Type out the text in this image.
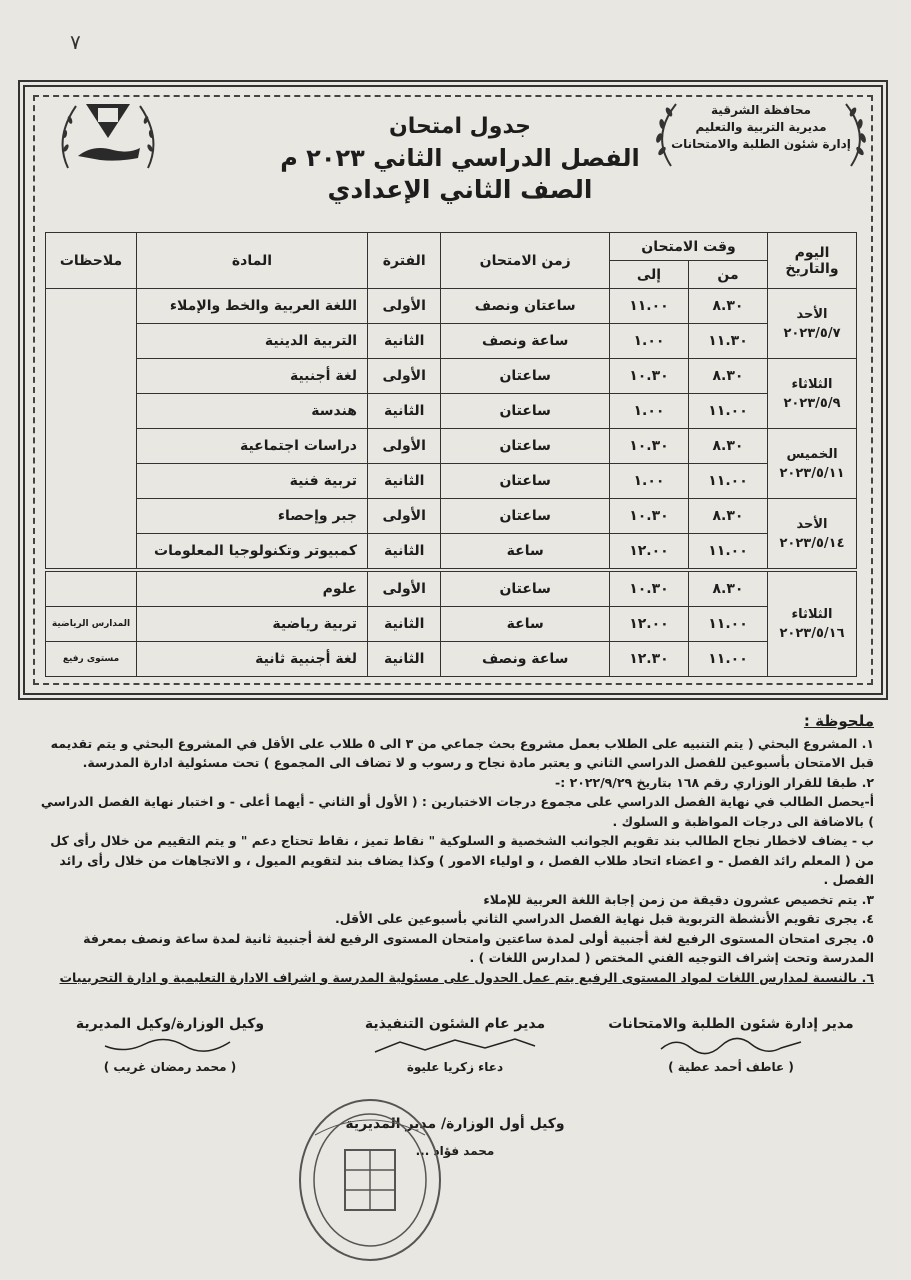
٧
محافظة الشرقية
مديرية التربية والتعليم
إدارة شئون الطلبة والامتحانات
جدول امتحان
الفصل الدراسي الثاني ٢٠٢٣ م
الصف الثاني الإعدادي
اليوم والتاريخ	وقت الامتحان		زمن الامتحان	الفترة	المادة	ملاحظات
	من	إلى				

الأحد
٢٠٢٣/٥/٧	٨.٣٠	١١.٠٠	ساعتان ونصف	الأولى	اللغة العربية والخط والإملاء	
	١١.٣٠	١.٠٠	ساعة ونصف	الثانية	التربية الدينية	

الثلاثاء
٢٠٢٣/٥/٩	٨.٣٠	١٠.٣٠	ساعتان	الأولى	لغة أجنبية	
	١١.٠٠	١.٠٠	ساعتان	الثانية	هندسة	

الخميس
٢٠٢٣/٥/١١	٨.٣٠	١٠.٣٠	ساعتان	الأولى	دراسات اجتماعية	
	١١.٠٠	١.٠٠	ساعتان	الثانية	تربية فنية	

الأحد
٢٠٢٣/٥/١٤	٨.٣٠	١٠.٣٠	ساعتان	الأولى	جبر وإحصاء	
	١١.٠٠	١٢.٠٠	ساعة	الثانية	كمبيوتر وتكنولوجيا المعلومات	

الثلاثاء
٢٠٢٣/٥/١٦	٨.٣٠	١٠.٣٠	ساعتان	الأولى	علوم	
	١١.٠٠	١٢.٠٠	ساعة	الثانية	تربية رياضية	المدارس الرياضية
	١١.٠٠	١٢.٣٠	ساعة ونصف	الثانية	لغة أجنبية ثانية	مستوى رفيع
ملحوظة :

١. المشروع البحثي ( يتم التنبيه على الطلاب بعمل مشروع بحث جماعي من ٣ الى ٥ طلاب على الأقل في المشروع البحثي و يتم تقديمه قبل الامتحان بأسبوعين للفصل الدراسي الثاني و يعتبر مادة نجاح و رسوب و لا تضاف الى المجموع ) تحت مسئولية ادارة المدرسة.

٢. طبقا للقرار الوزاري رقم ١٦٨ بتاريخ ٢٠٢٢/٩/٢٩ :-

أ-يحصل الطالب في نهاية الفصل الدراسي على مجموع درجات الاختبارين : ( الأول أو الثاني - أيهما أعلى - و اختبار نهاية الفصل الدراسي ) بالاضافة الى درجات المواظبة و السلوك .

ب - يضاف لاخطار نجاح الطالب بند تقويم الجوانب الشخصية و السلوكية " نقاط تميز ، نقاط تحتاج دعم " و يتم التقييم من خلال رأى كل من ( المعلم رائد الفصل - و اعضاء اتحاد طلاب الفصل ، و اولياء الامور ) وكذا يضاف بند لتقويم الميول ، و الاتجاهات من خلال رأى رائد الفصل .

٣. يتم تخصيص عشرون دقيقة من زمن إجابة اللغة العربية للإملاء

٤. يجرى تقويم الأنشطة التربوية قبل نهاية الفصل الدراسي الثاني بأسبوعين على الأقل.

٥. يجرى امتحان المستوى الرفيع لغة أجنبية أولى لمدة ساعتين وامتحان المستوى الرفيع لغة أجنبية ثانية لمدة ساعة ونصف بمعرفة المدرسة وتحت إشراف التوجيه الفني المختص ( لمدارس اللغات ) .

٦. بالنسبة لمدارس اللغات لمواد المستوى الرفيع يتم عمل الجدول على مسئولية المدرسة و اشراف الادارة التعليمية و ادارة التجريبيات

مدير إدارة شئون الطلبة والامتحانات
( عاطف أحمد عطية )
مدير عام الشئون التنفيذية
دعاء زكريا عليوة
وكيل الوزارة/وكيل المديرية
( محمد رمضان غريب )
وكيل أول الوزارة/ مدير المديرية
محمد فؤاد ...
